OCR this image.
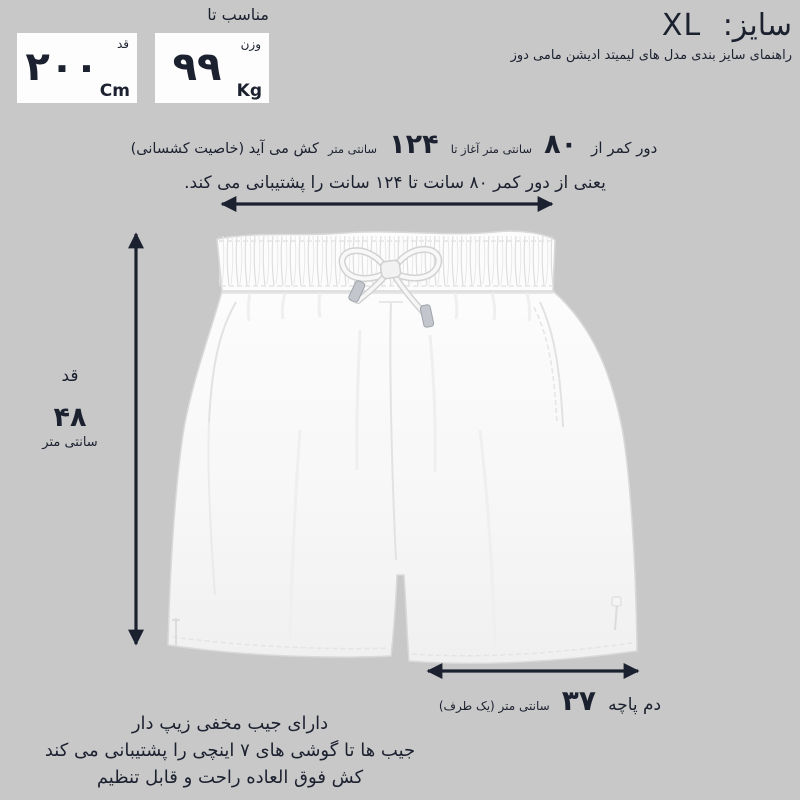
سایز: XL
راهنمای سایز بندی مدل های لیمیتد ادیشن مامی دوز
مناسب تا
قد
۲۰۰
Cm
وزن
۹۹
Kg
دور کمر از ۸۰ سانتی متر آغاز تا ۱۲۴ سانتی متر کش می آید (خاصیت کشسانی)
یعنی از دور کمر ۸۰ سانت تا ۱۲۴ سانت را پشتیبانی می کند.
قد
۴۸
سانتی متر
دم پاچه ۳۷ سانتی متر (یک طرف)
دارای جیب مخفی زیپ دار
جیب ها تا گوشی های ۷ اینچی را پشتیبانی می کند
کش فوق العاده راحت و قابل تنظیم
